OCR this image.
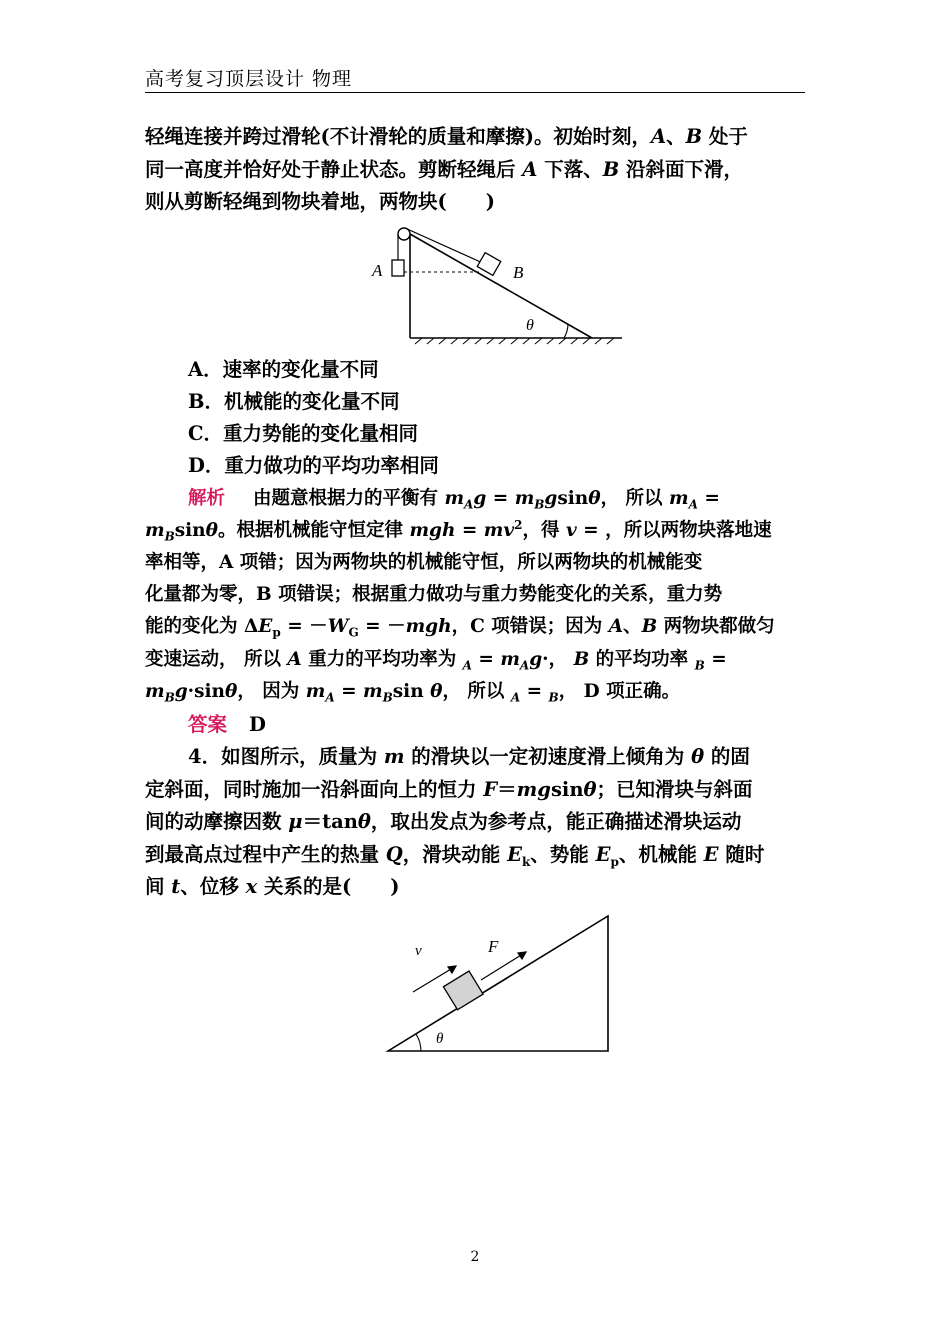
高考复习顶层设计 物理
轻绳连接并跨过滑轮(不计滑轮的质量和摩擦)。初始时刻，A、B 处于
同一高度并恰好处于静止状态。剪断轻绳后 A 下落、B 沿斜面下滑，
则从剪断轻绳到物块着地，两物块(　　)
A	B
θ
A．速率的变化量不同
B．机械能的变化量不同
C．重力势能的变化量相同
D．重力做功的平均功率相同
解析 由题意根据力的平衡有 $m_Ag = m_Bgsin\theta$， 所以 $m_A$ =
$m_B\sin\theta$。根据机械能守恒定律 mgh = $mv^2$，得 v = ，所以两物块落地速
率相等，A 项错；因为两物块的机械能守恒，所以两物块的机械能变
化量都为零，B 项错误；根据重力做功与重力势能变化的关系，重力势
能的变化为 $\Delta E_p = -W_G = -mgh$，C 项错误；因为 A、B 两物块都做匀
变速运动， 所以 A 重力的平均功率为 $_A = m_Ag\cdot$， B 的平均功率 $_B$ =
$m_Bg\cdot\sin\theta$， 因为 $m_A = m_B\sin$ θ， 所以 $_A$ = $_B$， D 项正确。
答案 D
4．如图所示，质量为 m 的滑块以一定初速度滑上倾角为 θ 的固
定斜面，同时施加一沿斜面向上的恒力 F＝mgsinθ；已知滑块与斜面
间的动摩擦因数 μ＝tanθ，取出发点为参考点，能正确描述滑块运动
到最高点过程中产生的热量 Q，滑块动能 $E_k$、势能 $E_p$、机械能 E 随时
间 t、位移 x 关系的是(　　)
v	F
θ
2
